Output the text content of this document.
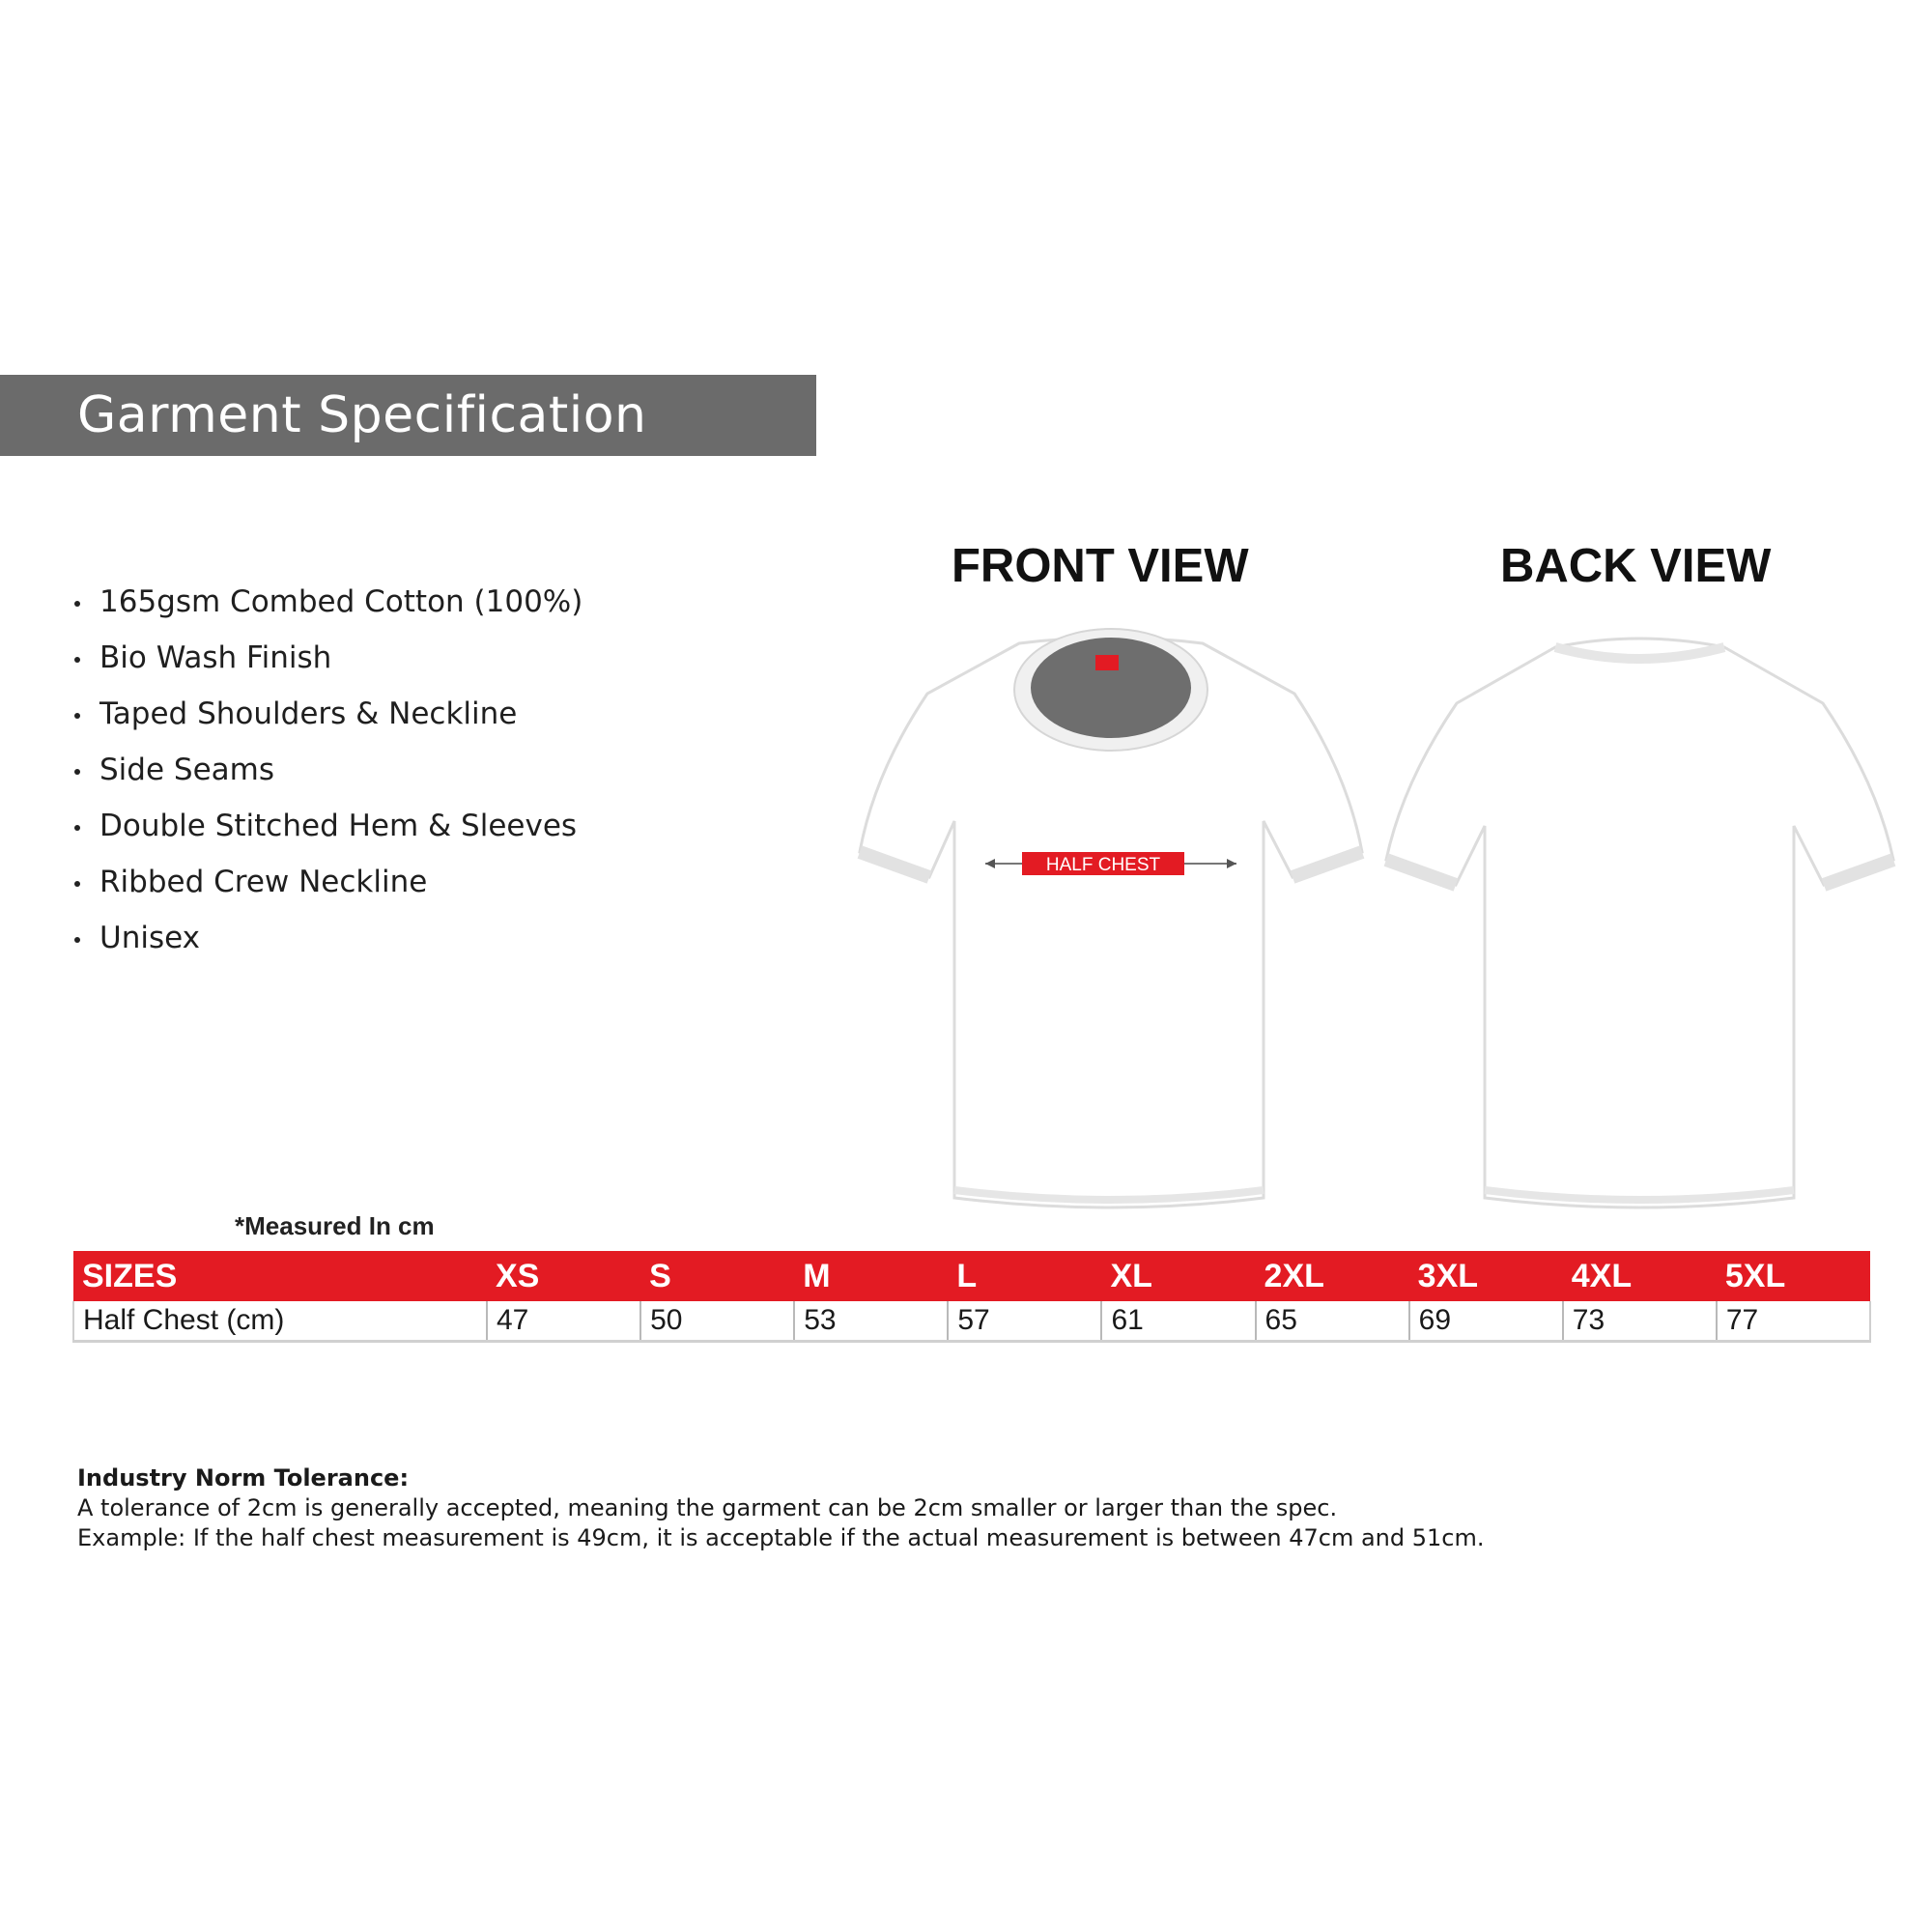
Garment Specification
165gsm Combed Cotton (100%)
Bio Wash Finish
Taped Shoulders & Neckline
Side Seams
Double Stitched Hem & Sleeves
Ribbed Crew Neckline
Unisex
FRONT VIEW	BACK VIEW
HALF CHEST
*Measured In cm
SIZES	XS	S	M	L	XL	2XL	3XL	4XL	5XL
Half Chest (cm)	47	50	53	57	61	65	69	73	77
Industry Norm Tolerance:
A tolerance of 2cm is generally accepted, meaning the garment can be 2cm smaller or larger than the spec.
Example: If the half chest measurement is 49cm, it is acceptable if the actual measurement is between 47cm and 51cm.
